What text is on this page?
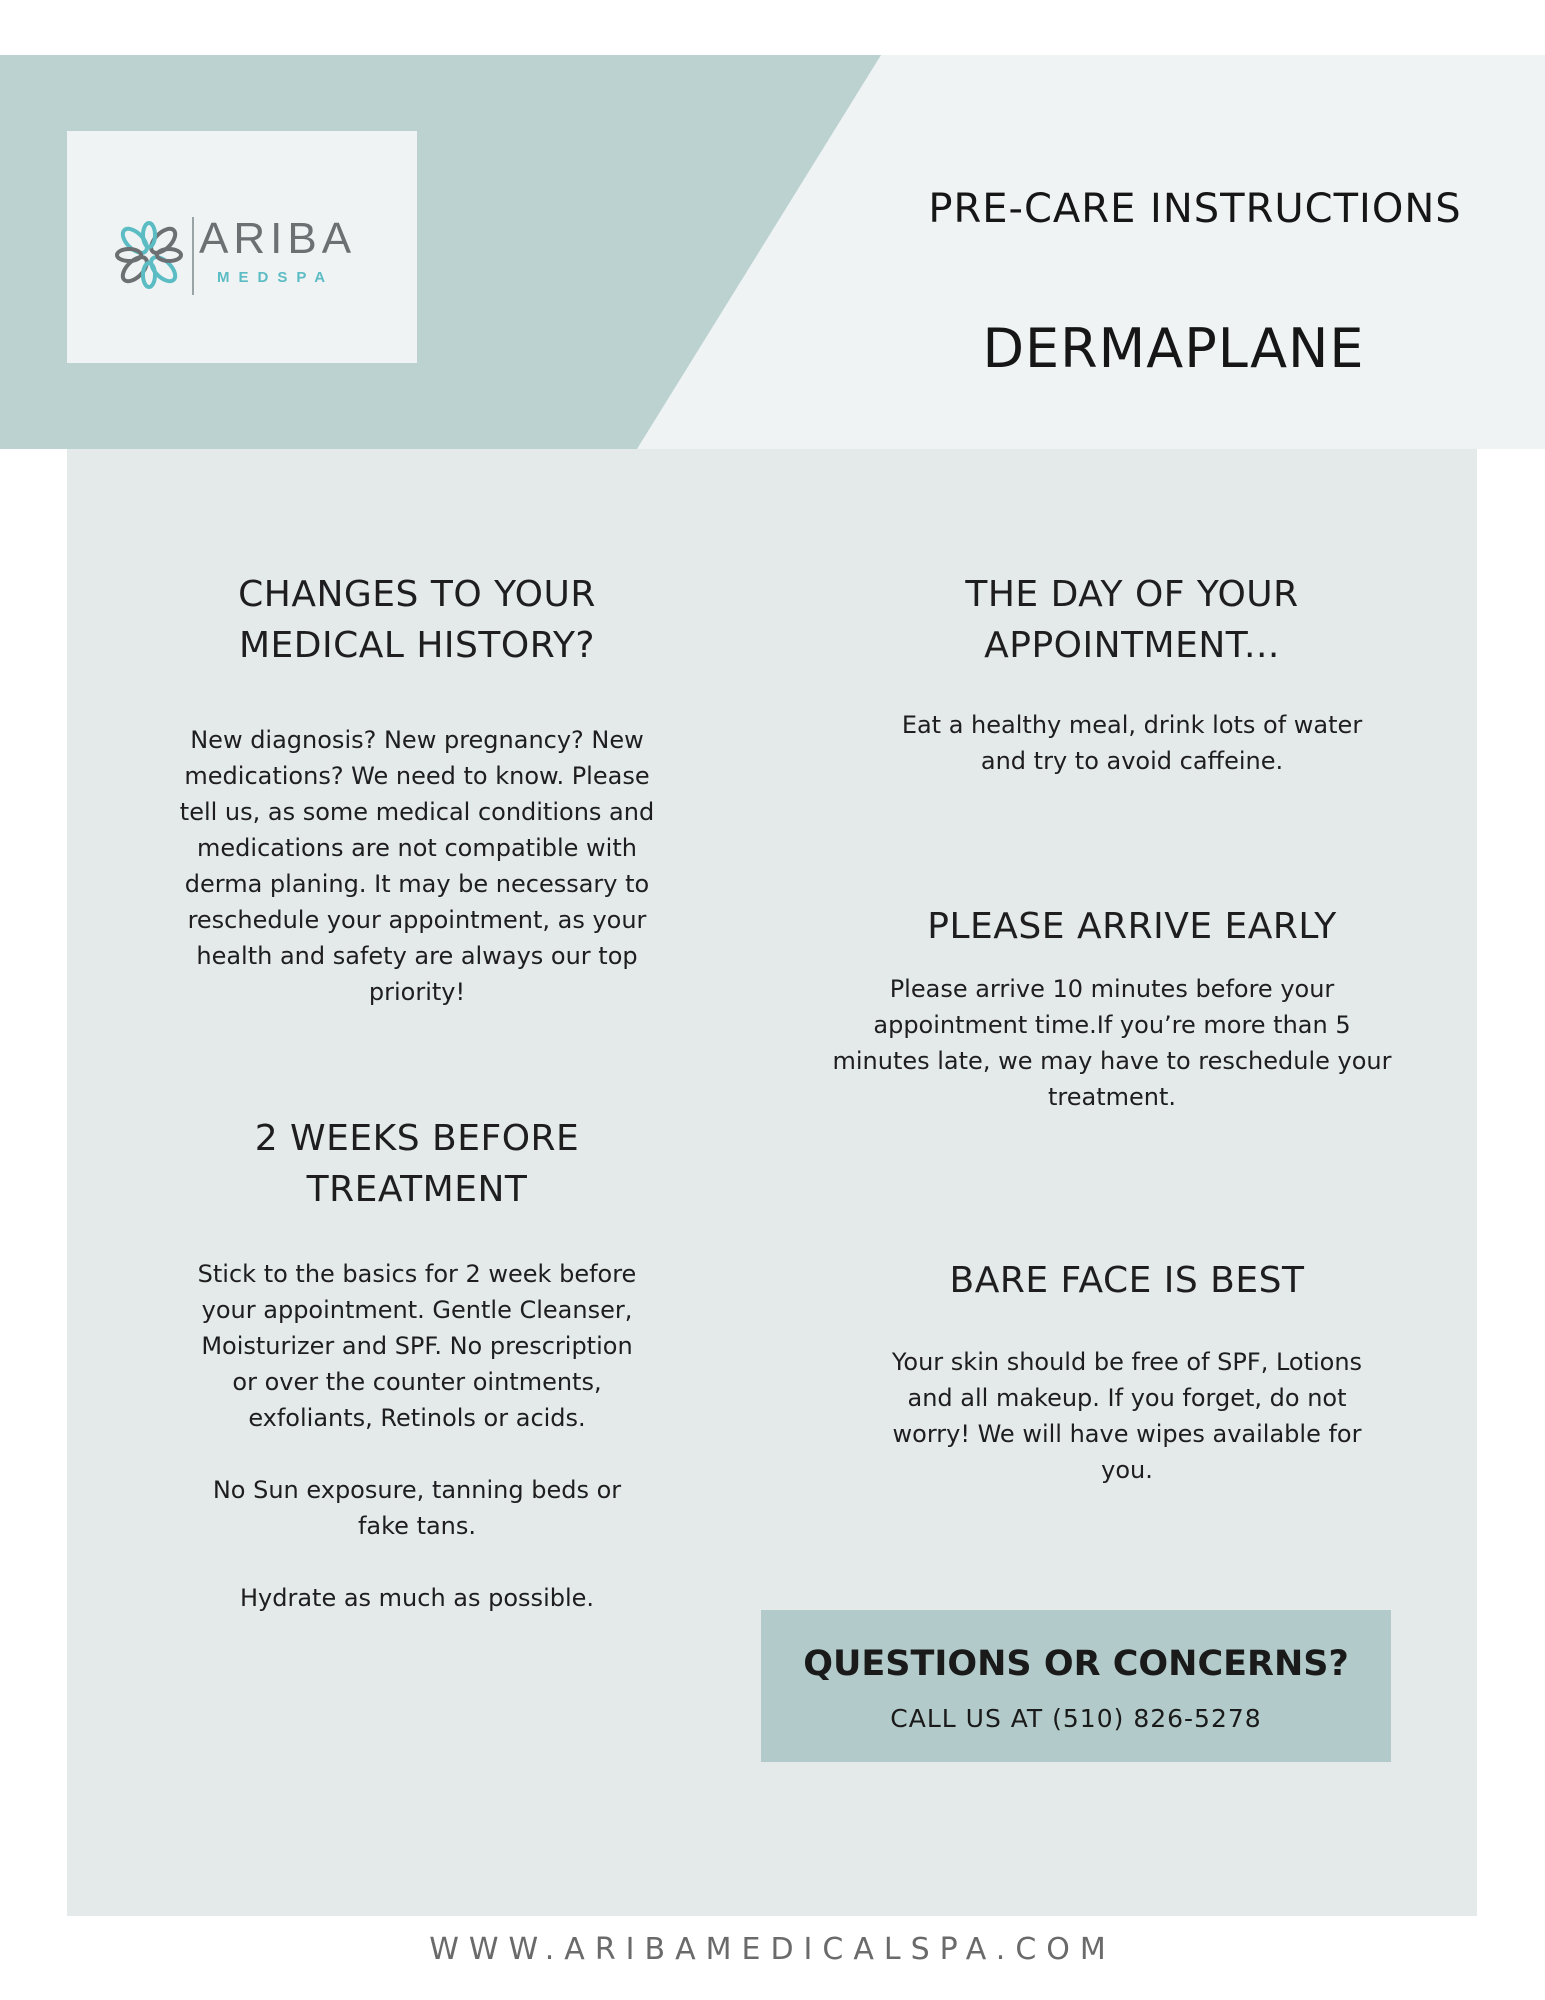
ARIBA
MEDSPA
PRE-CARE INSTRUCTIONS
DERMAPLANE
CHANGES TO YOUR
MEDICAL HISTORY?
New diagnosis? New pregnancy? New
medications? We need to know. Please
tell us, as some medical conditions and
medications are not compatible with
derma planing. It may be necessary to
reschedule your appointment, as your
health and safety are always our top
priority!
2 WEEKS BEFORE
TREATMENT
Stick to the basics for 2 week before
your appointment. Gentle Cleanser,
Moisturizer and SPF. No prescription
or over the counter ointments,
exfoliants, Retinols or acids.
No Sun exposure, tanning beds or
fake tans.
Hydrate as much as possible.
THE DAY OF YOUR
APPOINTMENT...
Eat a healthy meal, drink lots of water
and try to avoid caffeine.
PLEASE ARRIVE EARLY
Please arrive 10 minutes before your
appointment time.If you’re more than 5
minutes late, we may have to reschedule your
treatment.
BARE FACE IS BEST
Your skin should be free of SPF, Lotions
and all makeup. If you forget, do not
worry! We will have wipes available for
you.
QUESTIONS OR CONCERNS?
CALL US AT (510) 826-5278
WWW.ARIBAMEDICALSPA.COM
